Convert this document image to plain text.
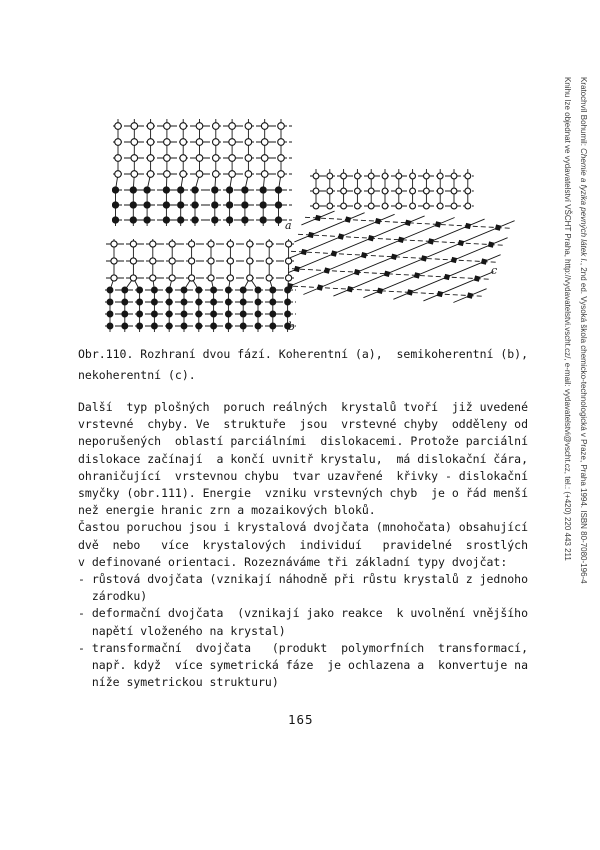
a
b
c
Obr.110. Rozhraní dvou fází. Koherentní (a),  semikoherentní (b),
nekoherentní (c).
Další  typ plošných  poruch reálných  krystalů tvoří  již uvedené
vrstevné  chyby. Ve  struktuře  jsou  vrstevné chyby  odděleny od
neporušených  oblastí parciálními  dislokacemi. Protože parciální
dislokace začínají  a končí uvnitř krystalu,  má dislokační čára,
ohraničující  vrstevnou chybu  tvar uzavřené  křivky - dislokační
smyčky (obr.111). Energie  vzniku vrstevných chyb  je o řád menší
než energie hranic zrn a mozaikových bloků.
Častou poruchou jsou i krystalová dvojčata (mnohočata) obsahující
dvě  nebo   více  krystalových  individuí   pravidelné  srostlých
v definované orientaci. Rozeznáváme tři základní typy dvojčat:
- růstová dvojčata (vznikají náhodně při růstu krystalů z jednoho
zárodku)
- deformační dvojčata  (vznikají jako reakce  k uvolnění vnějšího
napětí vloženého na krystal)
- transformační  dvojčata   (produkt  polymorfních  transformací,
např. když  více symetrická fáze  je ochlazena a  konvertuje na
níže symetrickou strukturu)
165
Kratochvíl Bohumil: Chemie a fyzika pevných látek I., 2nd ed. Vysoká škola chemicko-technologická v Praze, Praha 1994. ISBN 80-7080-196-4
Knihu lze objednat ve vydavatelství VŠCHT Praha, http://vydavatelstvi.vscht.cz/, e-mail: vydavatelstvi@vscht.cz, tel.: (+420) 220 443 211
